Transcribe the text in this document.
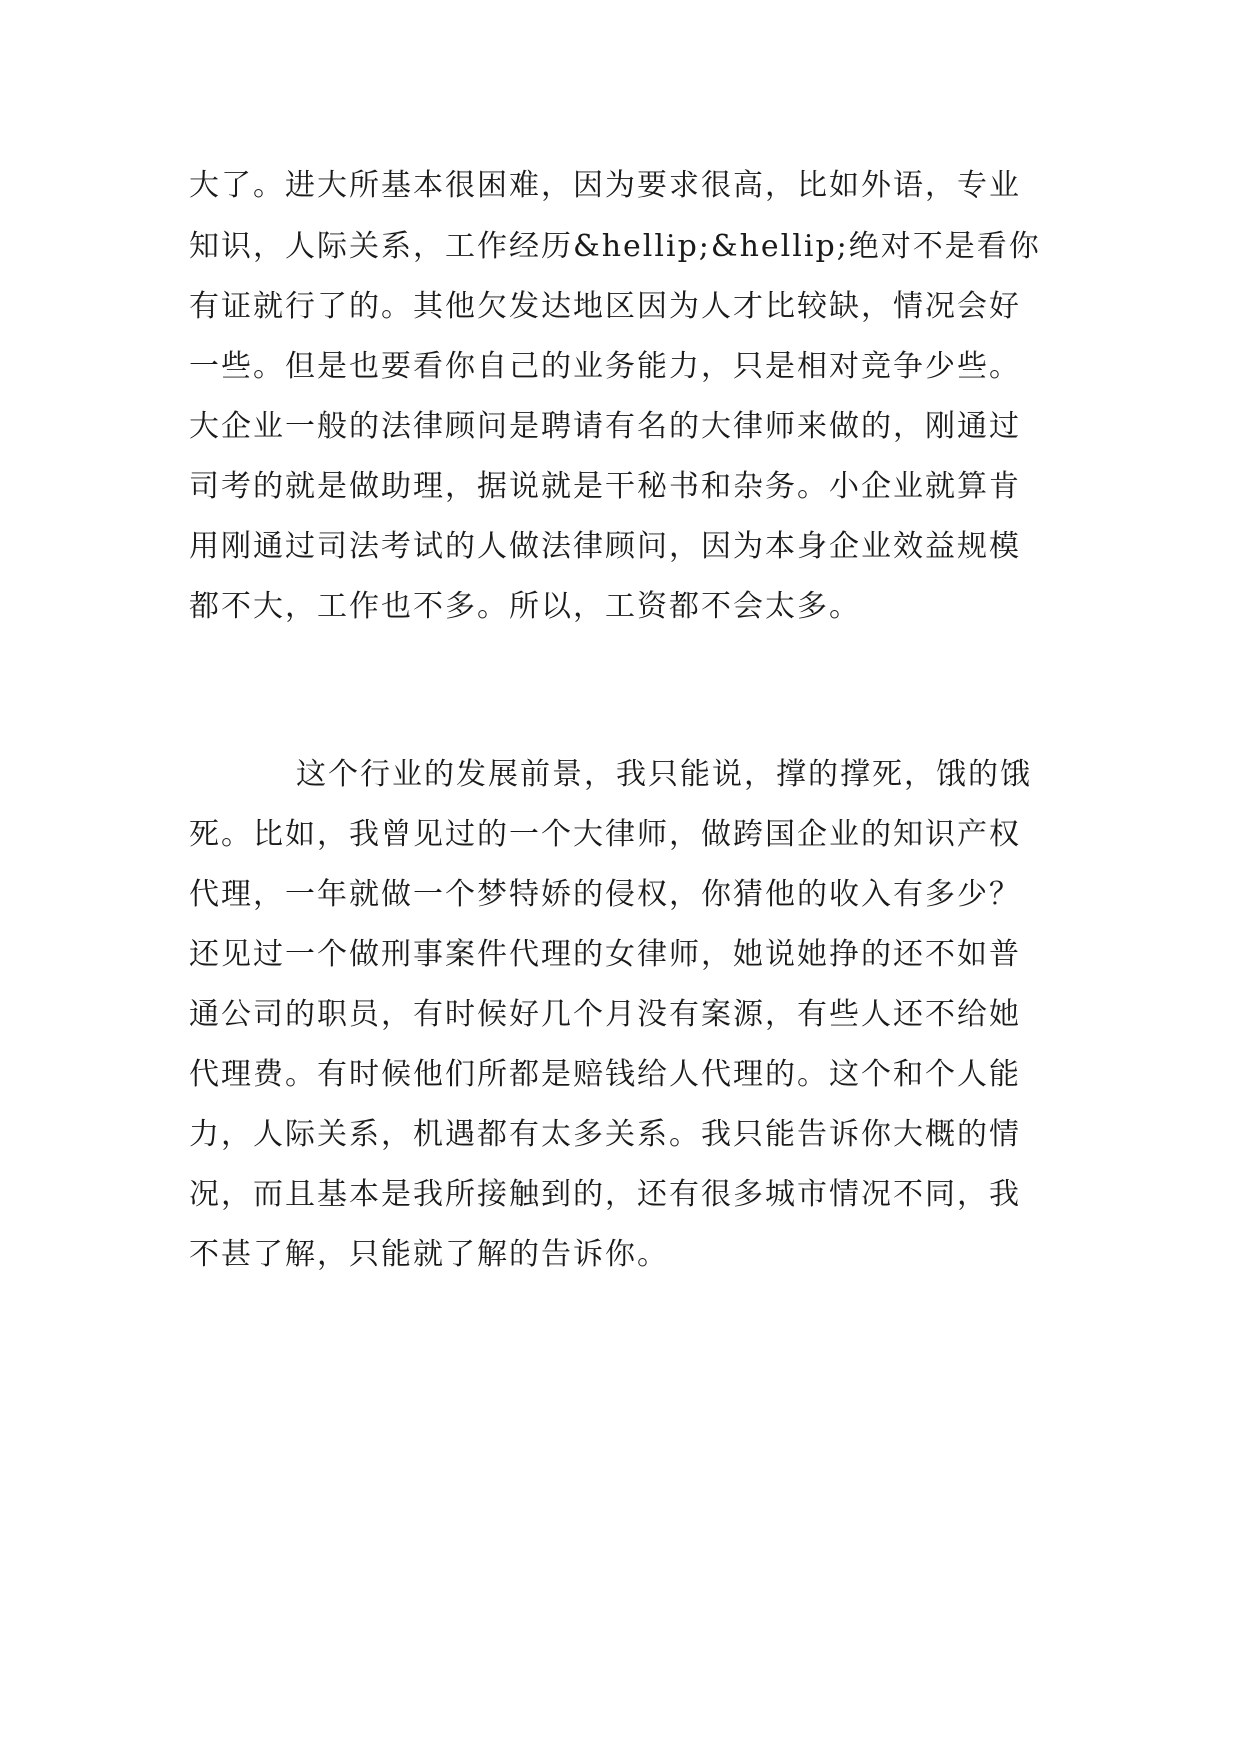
大了。进大所基本很困难，因为要求很高，比如外语，专业
知识，人际关系，工作经历&hellip;&hellip;绝对不是看你
有证就行了的。其他欠发达地区因为人才比较缺，情况会好
一些。但是也要看你自己的业务能力，只是相对竞争少些。
大企业一般的法律顾问是聘请有名的大律师来做的，刚通过
司考的就是做助理，据说就是干秘书和杂务。小企业就算肯
用刚通过司法考试的人做法律顾问，因为本身企业效益规模
都不大，工作也不多。所以，工资都不会太多。
这个行业的发展前景，我只能说，撑的撑死，饿的饿
死。比如，我曾见过的一个大律师，做跨国企业的知识产权
代理，一年就做一个梦特娇的侵权，你猜他的收入有多少？
还见过一个做刑事案件代理的女律师，她说她挣的还不如普
通公司的职员，有时候好几个月没有案源，有些人还不给她
代理费。有时候他们所都是赔钱给人代理的。这个和个人能
力，人际关系，机遇都有太多关系。我只能告诉你大概的情
况，而且基本是我所接触到的，还有很多城市情况不同，我
不甚了解，只能就了解的告诉你。
